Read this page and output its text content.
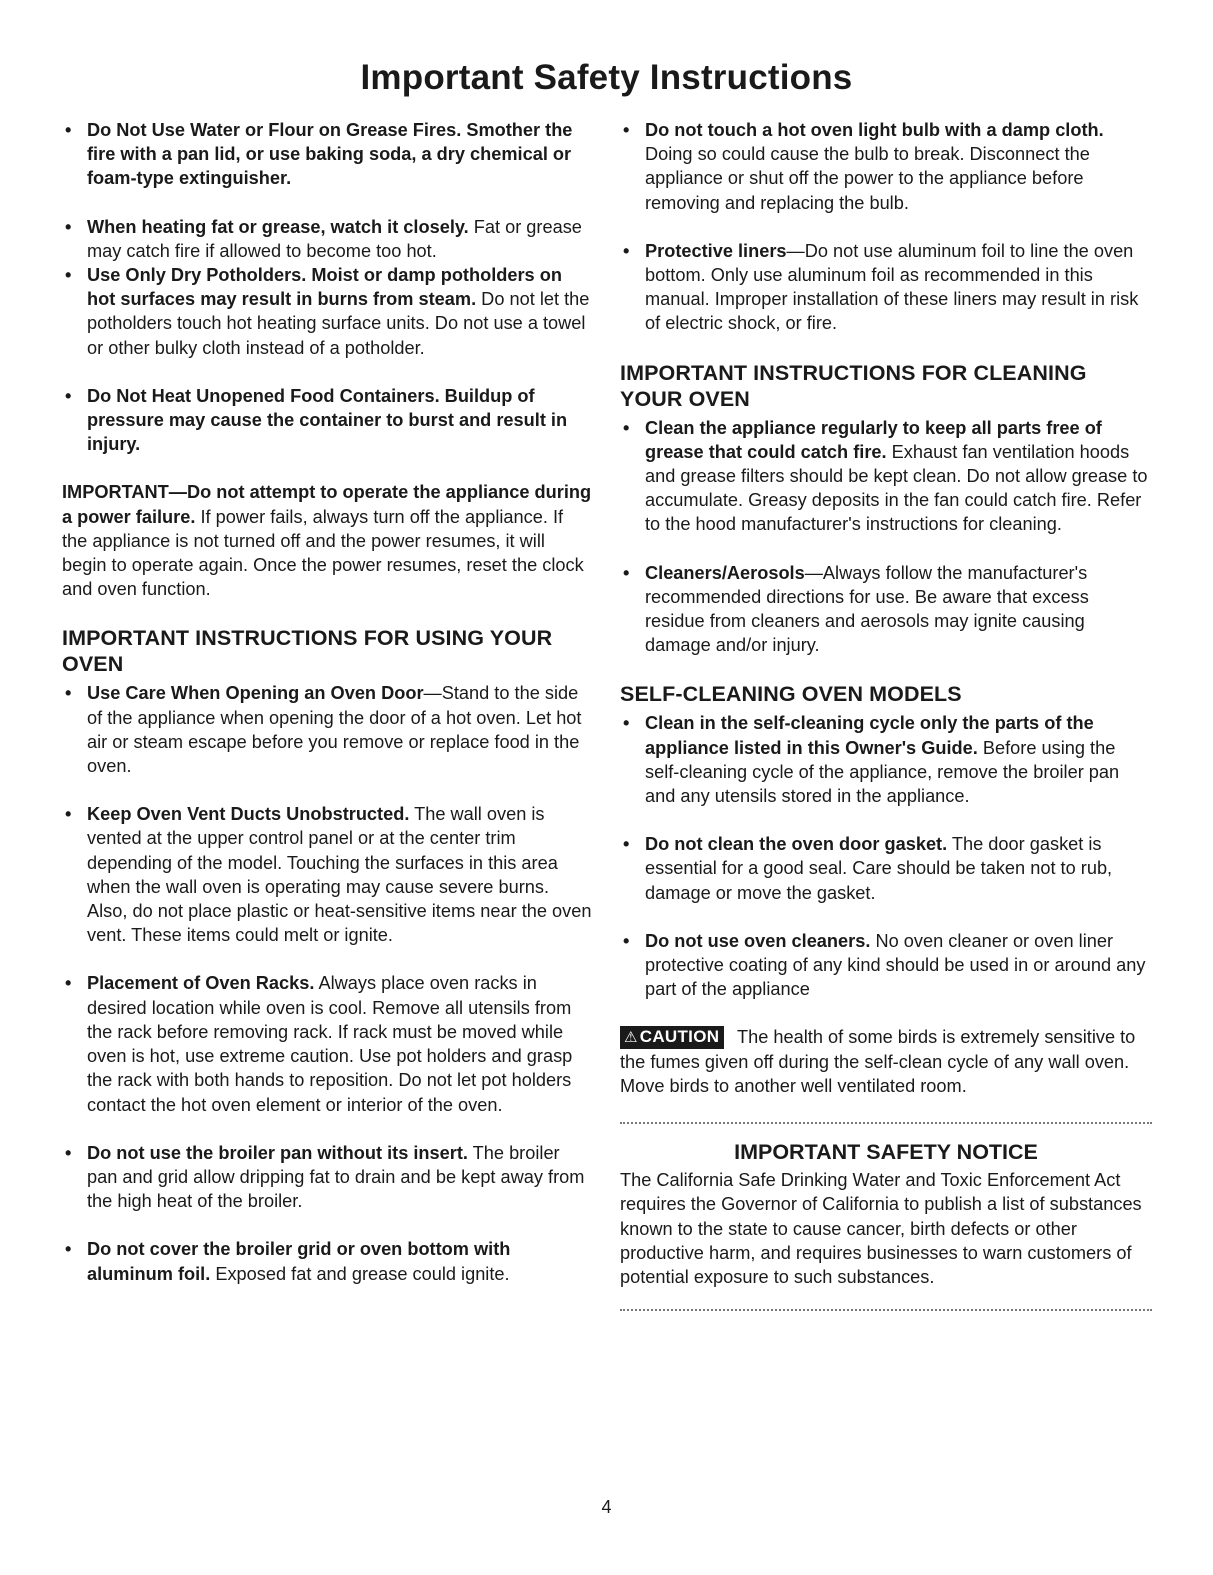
Important Safety Instructions
• Do Not Use Water or Flour on Grease Fires. Smother the fire with a pan lid, or use baking soda, a dry chemical or foam-type extinguisher.
• When heating fat or grease, watch it closely. Fat or grease may catch fire if allowed to become too hot.
• Use Only Dry Potholders. Moist or damp potholders on hot surfaces may result in burns from steam. Do not let the potholders touch hot heating surface units. Do not use a towel or other bulky cloth instead of a potholder.
• Do Not Heat Unopened Food Containers. Buildup of pressure may cause the container to burst and result in injury.

IMPORTANT—Do not attempt to operate the appliance during a power failure. If power fails, always turn off the appliance. If the appliance is not turned off and the power resumes, it will begin to operate again. Once the power resumes, reset the clock and oven function.

IMPORTANT INSTRUCTIONS FOR USING YOUR OVEN
• Use Care When Opening an Oven Door—Stand to the side of the appliance when opening the door of a hot oven. Let hot air or steam escape before you remove or replace food in the oven.
• Keep Oven Vent Ducts Unobstructed. The wall oven is vented at the upper control panel or at the center trim depending of the model. Touching the surfaces in this area when the wall oven is operating may cause severe burns. Also, do not place plastic or heat-sensitive items near the oven vent. These items could melt or ignite.
• Placement of Oven Racks. Always place oven racks in desired location while oven is cool. Remove all utensils from the rack before removing rack. If rack must be moved while oven is hot, use extreme caution. Use pot holders and grasp the rack with both hands to reposition. Do not let pot holders contact the hot oven element or interior of the oven.
• Do not use the broiler pan without its insert. The broiler pan and grid allow dripping fat to drain and be kept away from the high heat of the broiler.
• Do not cover the broiler grid or oven bottom with aluminum foil. Exposed fat and grease could ignite.
• Do not touch a hot oven light bulb with a damp cloth. Doing so could cause the bulb to break. Disconnect the appliance or shut off the power to the appliance before removing and replacing the bulb.
• Protective liners—Do not use aluminum foil to line the oven bottom. Only use aluminum foil as recommended in this manual. Improper installation of these liners may result in risk of electric shock, or fire.
IMPORTANT INSTRUCTIONS FOR CLEANING YOUR OVEN
• Clean the appliance regularly to keep all parts free of grease that could catch fire. Exhaust fan ventilation hoods and grease filters should be kept clean. Do not allow grease to accumulate. Greasy deposits in the fan could catch fire. Refer to the hood manufacturer's instructions for cleaning.
• Cleaners/Aerosols—Always follow the manufacturer's recommended directions for use. Be aware that excess residue from cleaners and aerosols may ignite causing damage and/or injury.
SELF-CLEANING OVEN MODELS
• Clean in the self-cleaning cycle only the parts of the appliance listed in this Owner's Guide. Before using the self-cleaning cycle of the appliance, remove the broiler pan and any utensils stored in the appliance.
• Do not clean the oven door gasket. The door gasket is essential for a good seal. Care should be taken not to rub, damage or move the gasket.
• Do not use oven cleaners. No oven cleaner or oven liner protective coating of any kind should be used in or around any part of the appliance

⚠ CAUTION The health of some birds is extremely sensitive to the fumes given off during the self-clean cycle of any wall oven. Move birds to another well ventilated room.

IMPORTANT SAFETY NOTICE

The California Safe Drinking Water and Toxic Enforcement Act requires the Governor of California to publish a list of substances known to the state to cause cancer, birth defects or other productive harm, and requires businesses to warn customers of potential exposure to such substances.

4
